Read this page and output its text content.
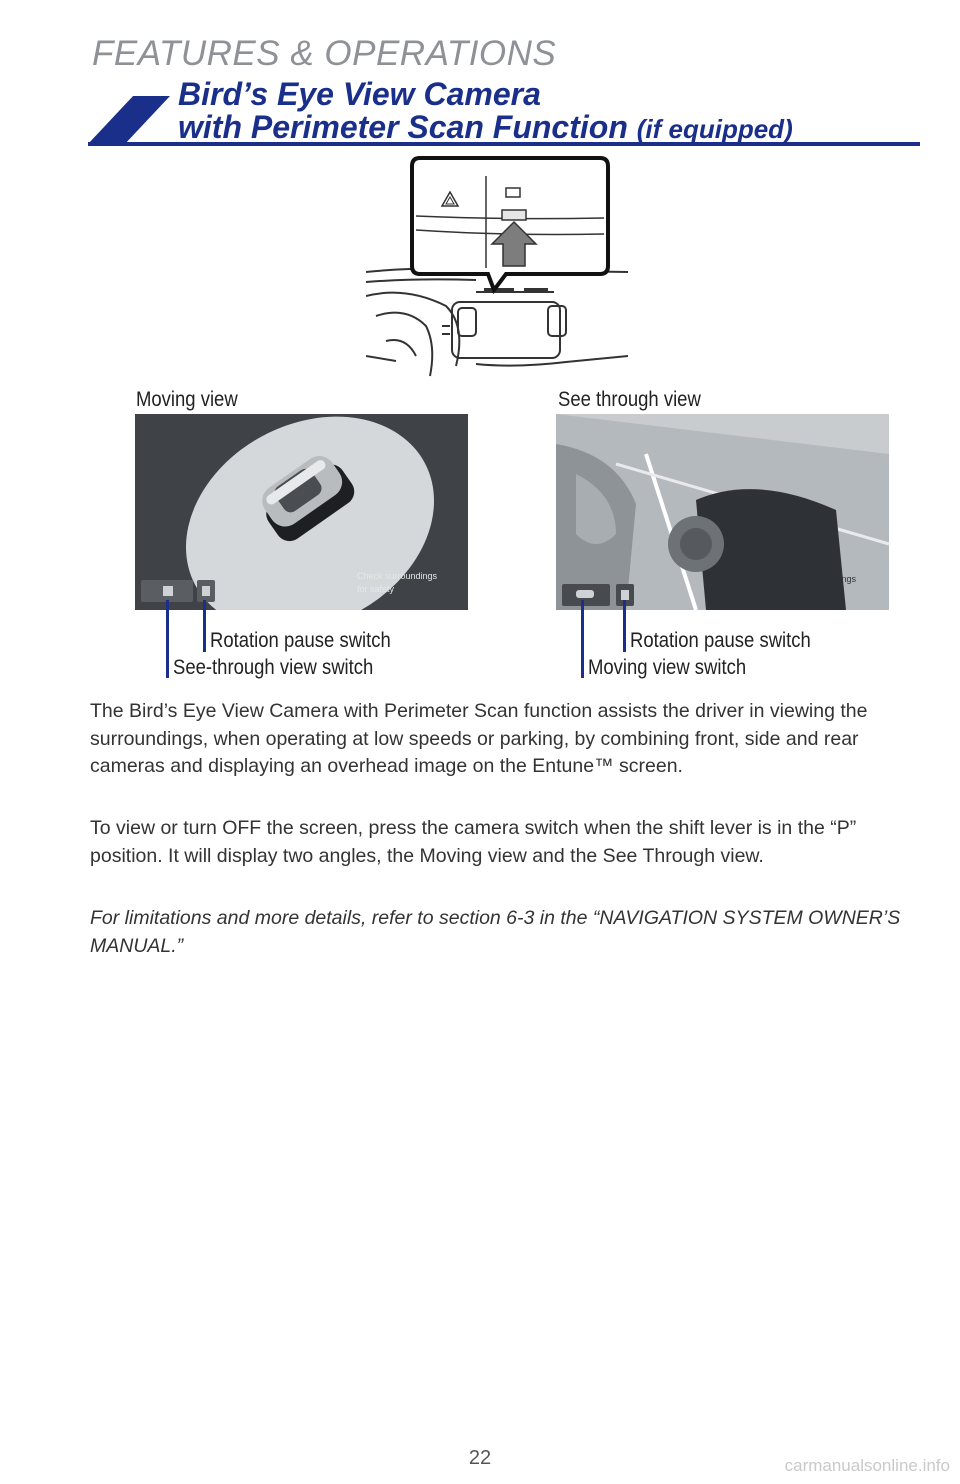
FEATURES & OPERATIONS
Bird’s Eye View Camera
with Perimeter Scan Function (if equipped)
Moving view
Check surroundings
for safety
Rotation pause switch
See-through view switch
See through view
Check surroundings
for safety
Rotation pause switch
Moving view switch
The Bird’s Eye View Camera with Perimeter Scan function assists the driver in viewing the surroundings, when operating at low speeds or parking, by combining front, side and rear cameras and displaying an overhead image on the Entune™ screen.
To view or turn OFF the screen, press the camera switch when the shift lever is in the “P” position. It will display two angles, the Moving view and the See Through view.
For limitations and more details, refer to section 6-3 in the “NAVIGATION SYSTEM OWNER’S MANUAL.”
22	carmanualsonline.info
